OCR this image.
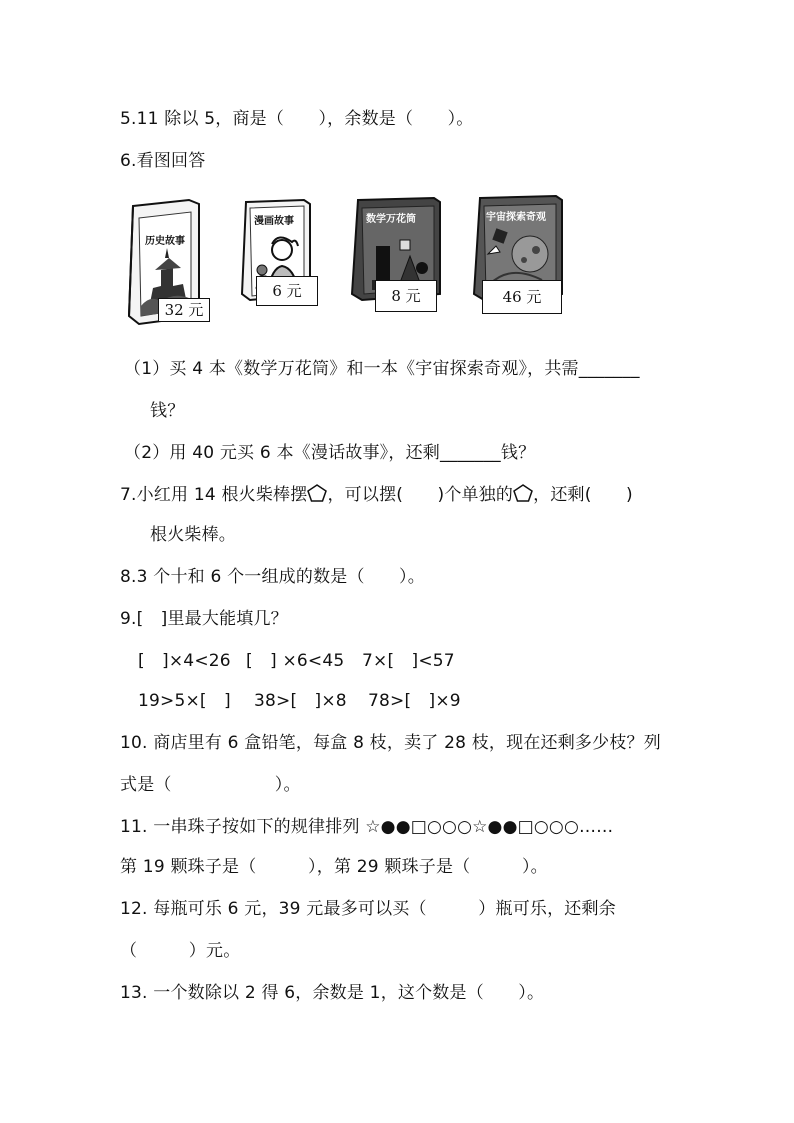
5.11 除以 5，商是（　　），余数是（　　）。
6.看图回答
历史故事
32 元
漫画故事
6 元
数学万花筒
8 元
宇宙探索奇观
46 元
（1）买 4 本《数学万花筒》和一本《宇宙探索奇观》，共需_______
钱？
（2）用 40 元买 6 本《漫话故事》，还剩_______钱？
7.小红用 14 根火柴棒摆 ，可以摆(　　)个单独的 ，还剩(　　)
根火柴棒。
8.3 个十和 6 个一组成的数是（　　）。
9.[　]里最大能填几？
[　]×4<26 [　] ×6<45 7×[　]<57
19>5×[　] 38>[　]×8 78>[　]×9
10. 商店里有 6 盒铅笔，每盒 8 枝，卖了 28 枝，现在还剩多少枝？列
式是（　　　　　　）。
11. 一串珠子按如下的规律排列 ☆●●□○○○☆●●□○○○……
第 19 颗珠子是（　　　），第 29 颗珠子是（　　　）。
12. 每瓶可乐 6 元，39 元最多可以买（　　　）瓶可乐，还剩余
（　　　）元。
13. 一个数除以 2 得 6，余数是 1，这个数是（　　）。
